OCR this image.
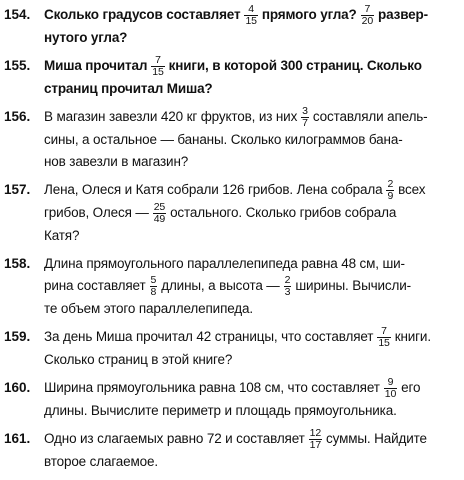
154.	Сколько градусов составляет $\frac{4}{15}$ прямого угла? $\frac{7}{20}$ развер-
нутого угла?
155.	Миша прочитал $\frac{7}{15}$ книги, в которой 300 страниц. Сколько
страниц прочитал Миша?
156.	В магазин завезли 420 кг фруктов, из них $\frac{3}{7}$ составляли апель-
сины, а остальное — бананы. Сколько килограммов бана-
нов завезли в магазин?
157.	Лена, Олеся и Катя собрали 126 грибов. Лена собрала $\frac{2}{9}$ всех
грибов, Олеся — $\frac{25}{49}$ остального. Сколько грибов собрала
Катя?
158.	Длина прямоугольного параллелепипеда равна 48 см, ши-
рина составляет $\frac{5}{8}$ длины, а высота — $\frac{2}{3}$ ширины. Вычисли-
те объем этого параллелепипеда.
159.	За день Миша прочитал 42 страницы, что составляет $\frac{7}{15}$ книги.
Сколько страниц в этой книге?
160.	Ширина прямоугольника равна 108 см, что составляет $\frac{9}{10}$ его
длины. Вычислите периметр и площадь прямоугольника.
161.	Одно из слагаемых равно 72 и составляет $\frac{12}{17}$ суммы. Найдите
второе слагаемое.
